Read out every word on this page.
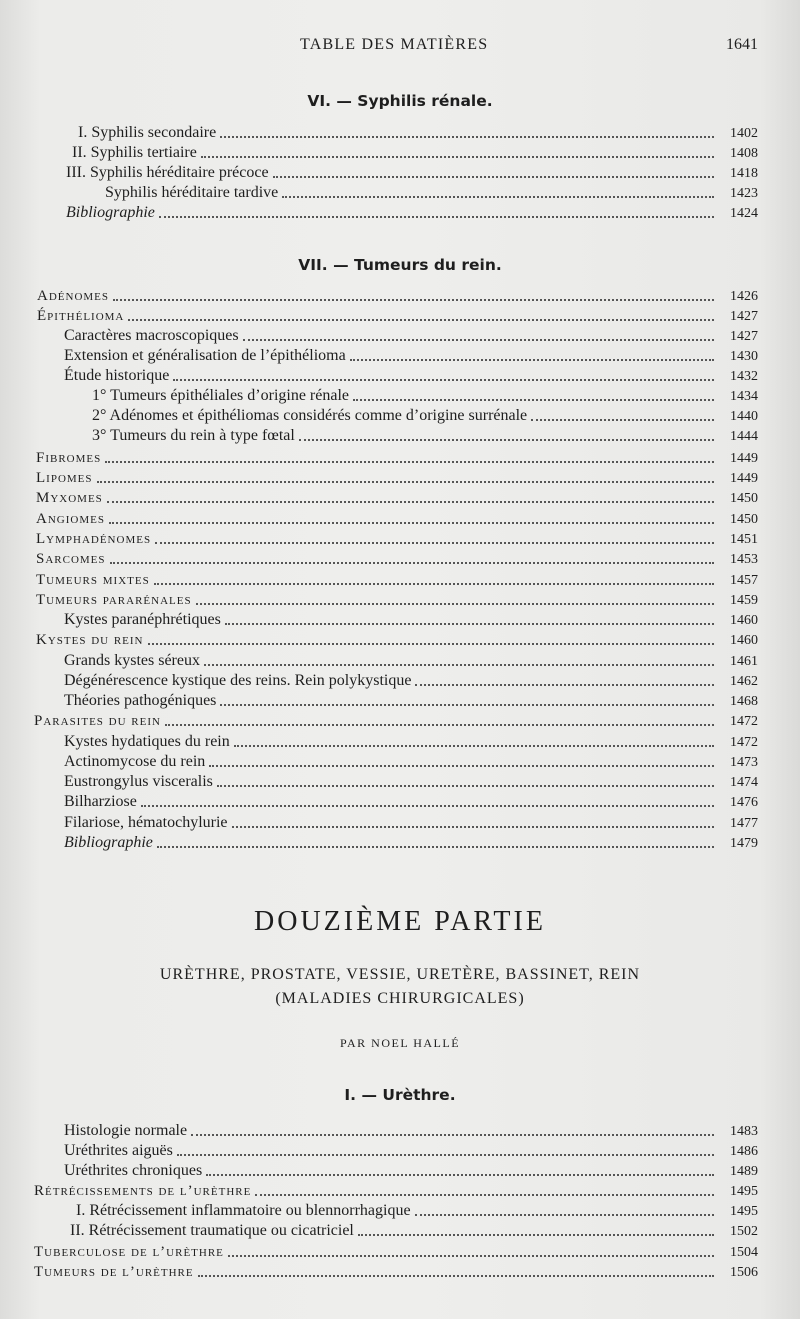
TABLE DES MATIÈRES	1641
VI. — Syphilis rénale.
I. Syphilis secondaire	1402
II. Syphilis tertiaire	1408
III. Syphilis héréditaire précoce	1418
Syphilis héréditaire tardive	1423
Bibliographie	1424
VII. — Tumeurs du rein.
Adénomes	1426
Épithélioma	1427
Caractères macroscopiques	1427
Extension et généralisation de l’épithélioma	1430
Étude historique	1432
1° Tumeurs épithéliales d’origine rénale	1434
2° Adénomes et épithéliomas considérés comme d’origine surrénale	1440
3° Tumeurs du rein à type fœtal	1444
Fibromes	1449
Lipomes	1449
Myxomes	1450
Angiomes	1450
Lymphadénomes	1451
Sarcomes	1453
Tumeurs mixtes	1457
Tumeurs pararénales	1459
Kystes paranéphrétiques	1460
Kystes du rein	1460
Grands kystes séreux	1461
Dégénérescence kystique des reins. Rein polykystique	1462
Théories pathogéniques	1468
Parasites du rein	1472
Kystes hydatiques du rein	1472
Actinomycose du rein	1473
Eustrongylus visceralis	1474
Bilharziose	1476
Filariose, hématochylurie	1477
Bibliographie	1479
DOUZIÈME PARTIE
URÈTHRE, PROSTATE, VESSIE, URETÈRE, BASSINET, REIN
(MALADIES CHIRURGICALES)
PAR NOEL HALLÉ
I. — Urèthre.
Histologie normale	1483
Uréthrites aiguës	1486
Uréthrites chroniques	1489
Rétrécissements de l’urèthre	1495
I. Rétrécissement inflammatoire ou blennorrhagique	1495
II. Rétrécissement traumatique ou cicatriciel	1502
Tuberculose de l’urèthre	1504
Tumeurs de l’urèthre	1506
